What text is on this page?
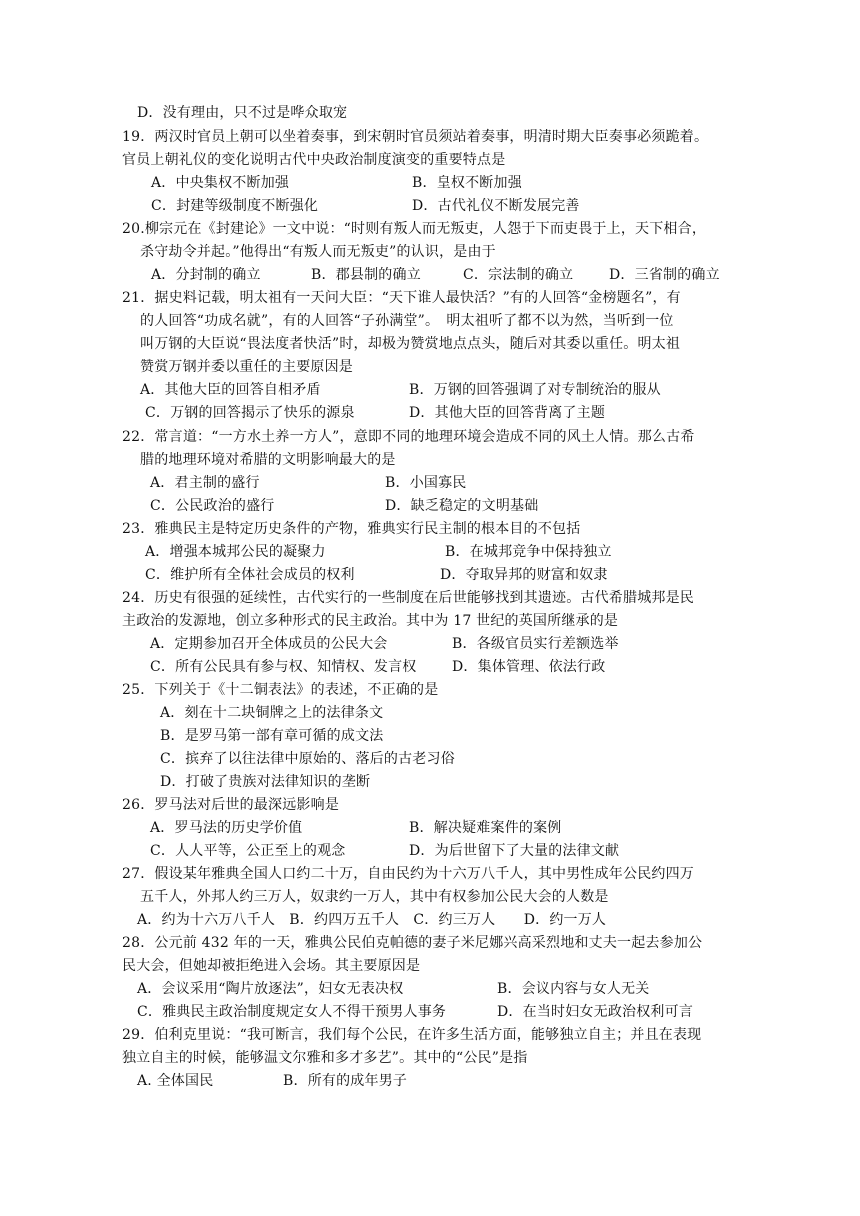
D．没有理由，只不过是哗众取宠
19．两汉时官员上朝可以坐着奏事，到宋朝时官员须站着奏事，明清时期大臣奏事必须跪着。
官员上朝礼仪的变化说明古代中央政治制度演变的重要特点是
A．中央集权不断加强	B．皇权不断加强
C．封建等级制度不断强化	D．古代礼仪不断发展完善
20.柳宗元在《封建论》一文中说：“时则有叛人而无叛吏，人怨于下而吏畏于上，天下相合，
杀守劫令并起。”他得出“有叛人而无叛吏”的认识，是由于
A．分封制的确立	B．郡县制的确立	C．宗法制的确立	D．三省制的确立
21．据史料记载，明太祖有一天问大臣：“天下谁人最快活？”有的人回答“金榜题名”，有
的人回答“功成名就”，有的人回答“子孙满堂”。　明太祖听了都不以为然，当听到一位
叫万钢的大臣说“畏法度者快活”时，却极为赞赏地点点头，随后对其委以重任。明太祖
赞赏万钢并委以重任的主要原因是
A．其他大臣的回答自相矛盾	B．万钢的回答强调了对专制统治的服从
C．万钢的回答揭示了快乐的源泉	D．其他大臣的回答背离了主题
22．常言道：“一方水土养一方人”，意即不同的地理环境会造成不同的风土人情。那么古希
腊的地理环境对希腊的文明影响最大的是
A．君主制的盛行	B．小国寡民
C．公民政治的盛行	D．缺乏稳定的文明基础
23．雅典民主是特定历史条件的产物，雅典实行民主制的根本目的不包括
A．增强本城邦公民的凝聚力	B．在城邦竞争中保持独立
C．维护所有全体社会成员的权利	D．夺取异邦的财富和奴隶
24．历史有很强的延续性，古代实行的一些制度在后世能够找到其遗迹。古代希腊城邦是民
主政治的发源地，创立多种形式的民主政治。其中为 17 世纪的英国所继承的是
A．定期参加召开全体成员的公民大会	B．各级官员实行差额选举
C．所有公民具有参与权、知情权、发言权	D．集体管理、依法行政
25．下列关于《十二铜表法》的表述，不正确的是
A．刻在十二块铜牌之上的法律条文
B．是罗马第一部有章可循的成文法
C．摈弃了以往法律中原始的、落后的古老习俗
D．打破了贵族对法律知识的垄断
26．罗马法对后世的最深远影响是
A．罗马法的历史学价值	B．解决疑难案件的案例
C．人人平等，公正至上的观念	D．为后世留下了大量的法律文献
27．假设某年雅典全国人口约二十万，自由民约为十六万八千人，其中男性成年公民约四万
五千人，外邦人约三万人，奴隶约一万人，其中有权参加公民大会的人数是
A．约为十六万八千人　B．约四万五千人　C．约三万人　　D．约一万人
28．公元前 432 年的一天，雅典公民伯克帕德的妻子米尼娜兴高采烈地和丈夫一起去参加公
民大会，但她却被拒绝进入会场。其主要原因是
A．会议采用“陶片放逐法”，妇女无表决权	B．会议内容与女人无关
C．雅典民主政治制度规定女人不得干预男人事务	D．在当时妇女无政治权利可言
29．伯利克里说：“我可断言，我们每个公民，在许多生活方面，能够独立自主；并且在表现
独立自主的时候，能够温文尔雅和多才多艺”。其中的“公民”是指
A. 全体国民	B．所有的成年男子
